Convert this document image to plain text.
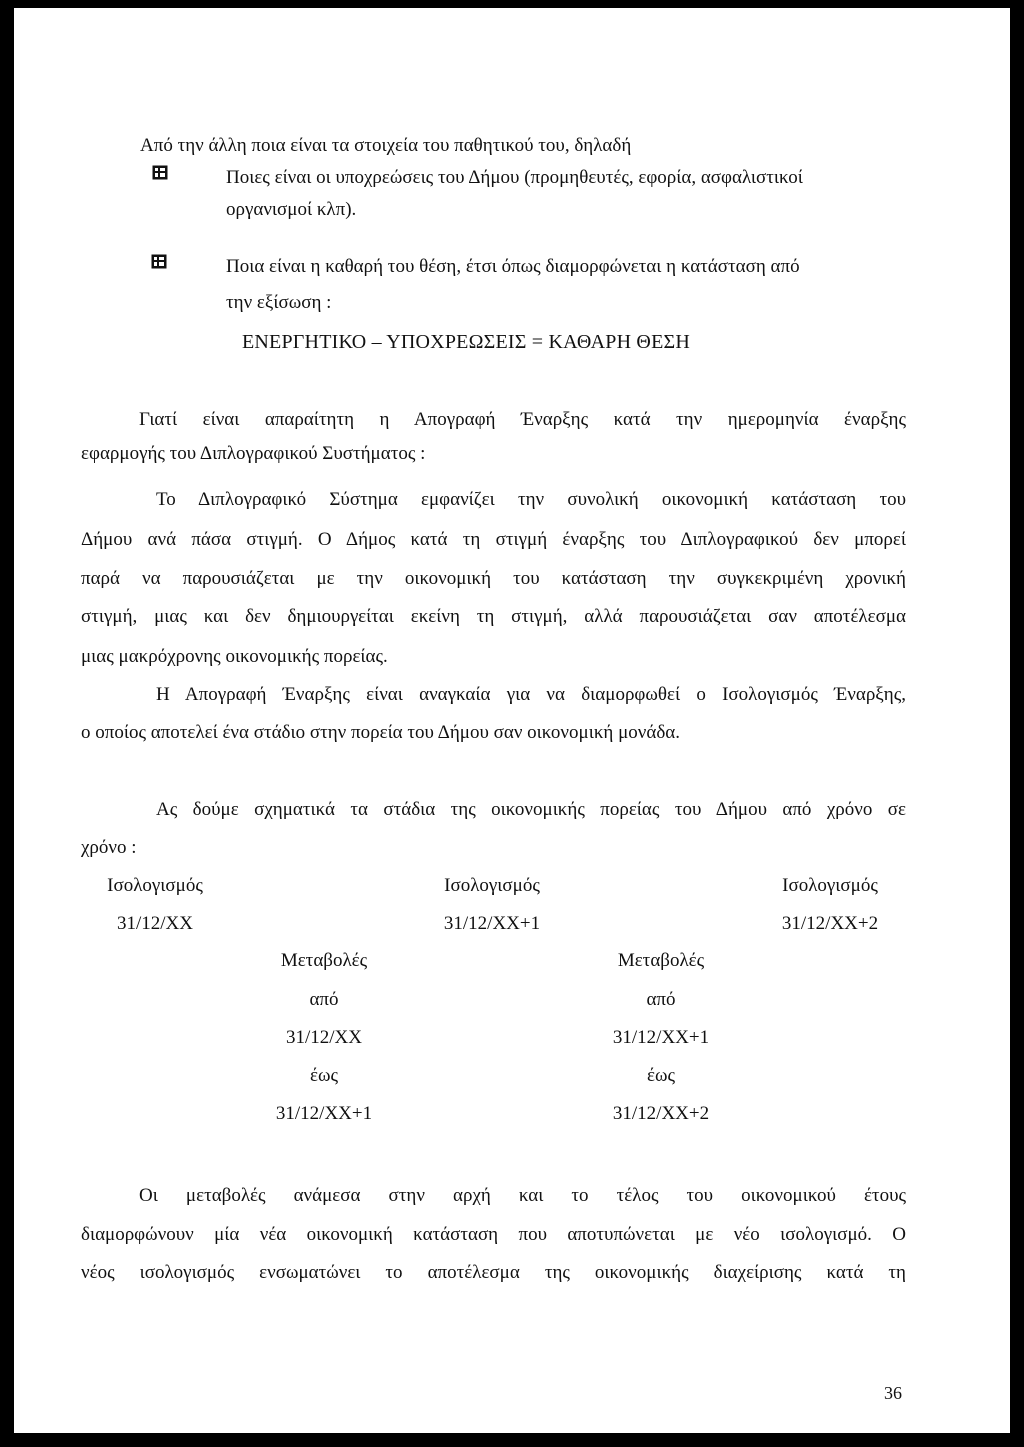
Από την άλλη ποια είναι τα στοιχεία του παθητικού του, δηλαδή
Ποιες είναι οι υποχρεώσεις του Δήμου (προμηθευτές, εφορία, ασφαλιστικοί
οργανισμοί κλπ).
Ποια είναι η καθαρή του θέση, έτσι όπως διαμορφώνεται η κατάσταση από
την εξίσωση :
ΕΝΕΡΓΗΤΙΚΟ – ΥΠΟΧΡΕΩΣΕΙΣ = ΚΑΘΑΡΗ ΘΕΣΗ
Γιατί είναι απαραίτητη η Απογραφή Έναρξης κατά την ημερομηνία έναρξης
εφαρμογής του Διπλογραφικού Συστήματος :
Το Διπλογραφικό Σύστημα εμφανίζει την συνολική οικονομική κατάσταση του
Δήμου ανά πάσα στιγμή. Ο Δήμος κατά τη στιγμή έναρξης του Διπλογραφικού δεν μπορεί
παρά να παρουσιάζεται με την οικονομική του κατάσταση την συγκεκριμένη χρονική
στιγμή, μιας και δεν δημιουργείται εκείνη τη στιγμή, αλλά παρουσιάζεται σαν αποτέλεσμα
μιας μακρόχρονης οικονομικής πορείας.
Η Απογραφή Έναρξης είναι αναγκαία για να διαμορφωθεί ο Ισολογισμός Έναρξης,
ο οποίος αποτελεί ένα στάδιο στην πορεία του Δήμου σαν οικονομική μονάδα.
Ας δούμε σχηματικά τα στάδια της οικονομικής πορείας του Δήμου από χρόνο σε
χρόνο :
Ισολογισμός
31/12/ΧΧ
Ισολογισμός
31/12/ΧΧ+1
Ισολογισμός
31/12/ΧΧ+2
Μεταβολές
από
31/12/ΧΧ
έως
31/12/ΧΧ+1
Μεταβολές
από
31/12/ΧΧ+1
έως
31/12/ΧΧ+2
Οι μεταβολές ανάμεσα στην αρχή και το τέλος του οικονομικού έτους
διαμορφώνουν μία νέα οικονομική κατάσταση που αποτυπώνεται με νέο ισολογισμό. Ο
νέος ισολογισμός ενσωματώνει το αποτέλεσμα της οικονομικής διαχείρισης κατά τη
36
